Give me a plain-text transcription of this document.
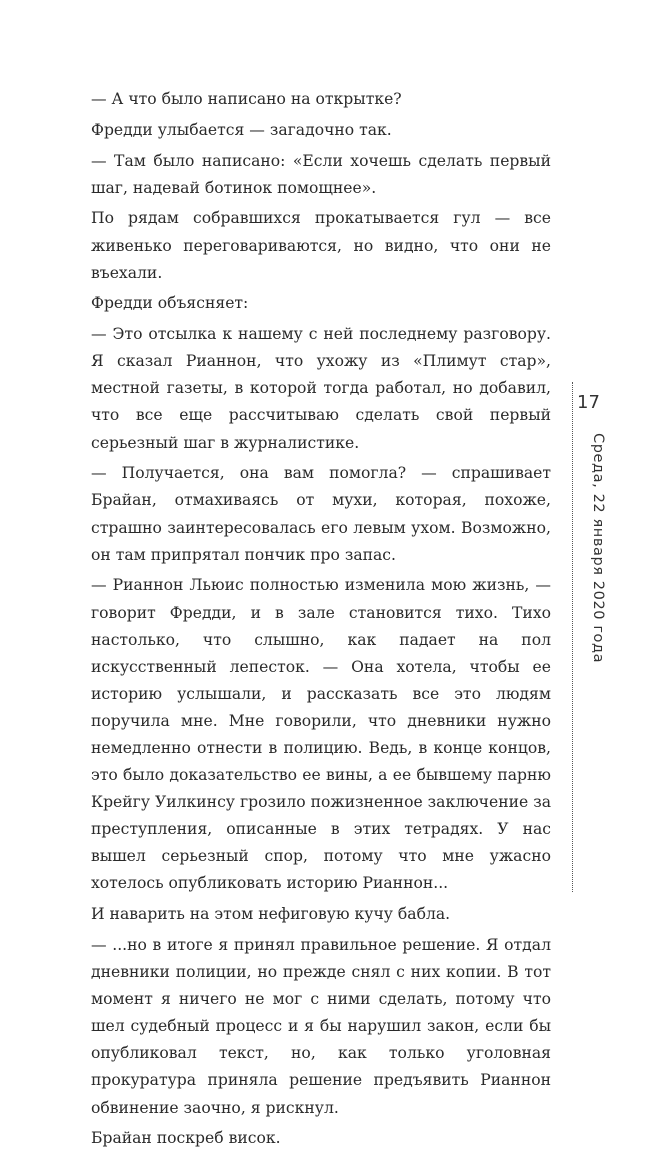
— А что было написано на открытке?

Фредди улыбается — загадочно так.

— Там было написано: «Если хочешь сделать первый шаг, надевай ботинок помощнее».

По рядам собравшихся прокатывается гул — все живенько переговариваются, но видно, что они не въехали.

Фредди объясняет:

— Это отсылка к нашему с ней последнему разговору. Я сказал Рианнон, что ухожу из «Плимут стар», местной газеты, в которой тогда работал, но добавил, что все еще рассчитываю сделать свой первый серьезный шаг в журналистике.

— Получается, она вам помогла? — спрашивает Брайан, отмахиваясь от мухи, которая, похоже, страшно заинтересовалась его левым ухом. Возможно, он там припрятал пончик про запас.

— Рианнон Льюис полностью изменила мою жизнь, — говорит Фредди, и в зале становится тихо. Тихо настолько, что слышно, как падает на пол искусственный лепесток. — Она хотела, чтобы ее историю услышали, и рассказать все это людям поручила мне. Мне говорили, что дневники нужно немедленно отнести в полицию. Ведь, в конце концов, это было доказательство ее вины, а ее бывшему парню Крейгу Уилкинсу грозило пожизненное заключение за преступления, описанные в этих тетрадях. У нас вышел серьезный спор, потому что мне ужасно хотелось опубликовать историю Рианнон...

И наварить на этом нефиговую кучу бабла.

— ...но в итоге я принял правильное решение. Я отдал дневники полиции, но прежде снял с них копии. В тот момент я ничего не мог с ними сделать, потому что шел судебный процесс и я бы нарушил закон, если бы опубликовал текст, но, как только уголовная прокуратура приняла решение предъявить Рианнон обвинение заочно, я рискнул.

Брайан поскреб висок.

17
Среда, 22 января 2020 года
